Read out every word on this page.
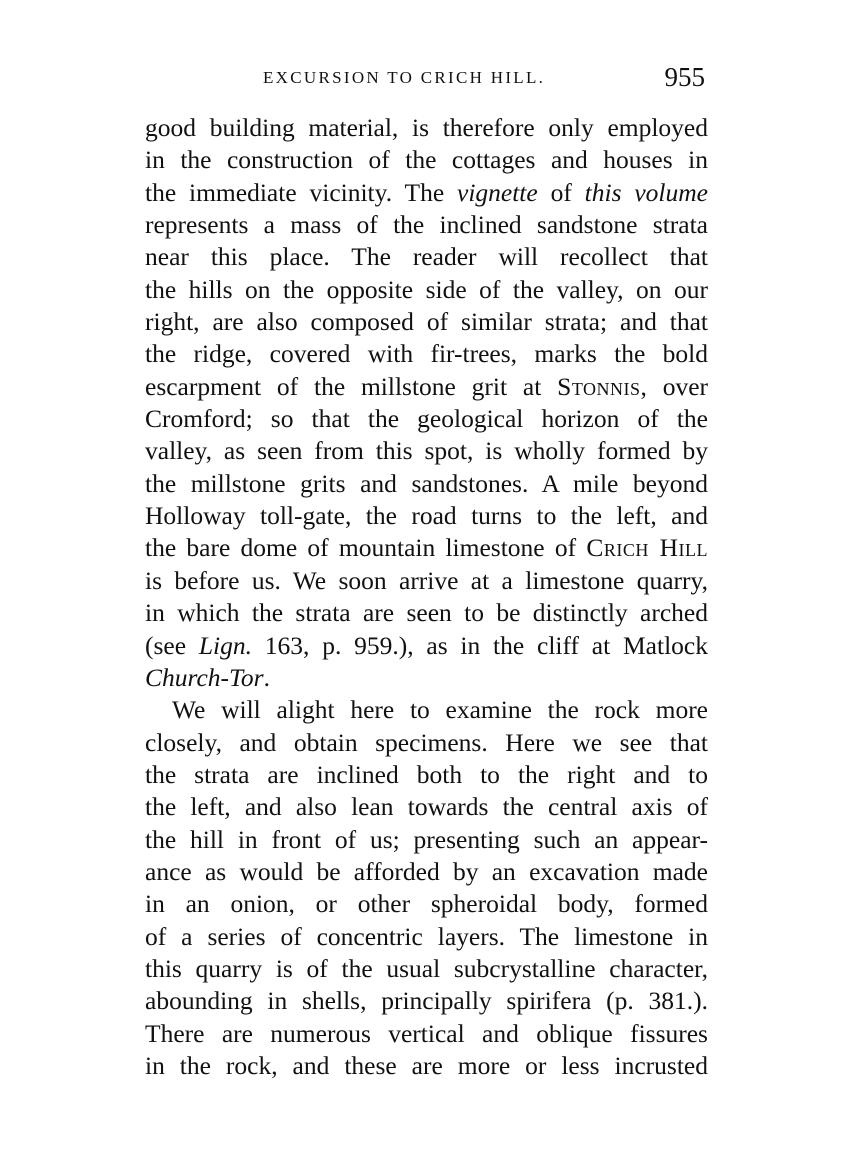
EXCURSION TO CRICH HILL.	955
good building material, is therefore only employed
in the construction of the cottages and houses in
the immediate vicinity. The vignette of this volume
represents a mass of the inclined sandstone strata
near this place. The reader will recollect that
the hills on the opposite side of the valley, on our
right, are also composed of similar strata; and that
the ridge, covered with fir-trees, marks the bold
escarpment of the millstone grit at Stonnis, over
Cromford; so that the geological horizon of the
valley, as seen from this spot, is wholly formed by
the millstone grits and sandstones. A mile beyond
Holloway toll-gate, the road turns to the left, and
the bare dome of mountain limestone of Crich Hill
is before us. We soon arrive at a limestone quarry,
in which the strata are seen to be distinctly arched
(see Lign. 163, p. 959.), as in the cliff at Matlock
Church-Tor.
We will alight here to examine the rock more
closely, and obtain specimens. Here we see that
the strata are inclined both to the right and to
the left, and also lean towards the central axis of
the hill in front of us; presenting such an appear-
ance as would be afforded by an excavation made
in an onion, or other spheroidal body, formed
of a series of concentric layers. The limestone in
this quarry is of the usual subcrystalline character,
abounding in shells, principally spirifera (p. 381.).
There are numerous vertical and oblique fissures
in the rock, and these are more or less incrusted
